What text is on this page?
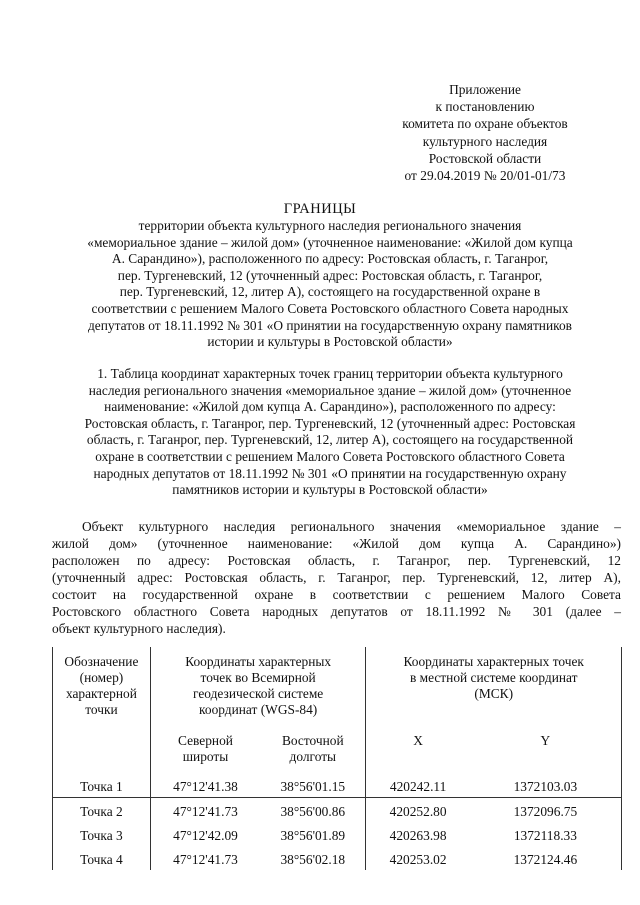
Приложение
к постановлению
комитета по охране объектов
культурного наследия
Ростовской области
от 29.04.2019 № 20/01-01/73
ГРАНИЦЫ
территории объекта культурного наследия регионального значения
«мемориальное здание – жилой дом» (уточненное наименование: «Жилой дом купца
А. Сарандино»), расположенного по адресу: Ростовская область, г. Таганрог,
пер. Тургеневский, 12 (уточненный адрес: Ростовская область, г. Таганрог,
пер. Тургеневский, 12, литер А), состоящего на государственной охране в
соответствии с решением Малого Совета Ростовского областного Совета народных
депутатов от 18.11.1992 № 301 «О принятии на государственную охрану памятников
истории и культуры в Ростовской области»
1. Таблица координат характерных точек границ территории объекта культурного
наследия регионального значения «мемориальное здание – жилой дом» (уточненное
наименование: «Жилой дом купца А. Сарандино»), расположенного по адресу:
Ростовская область, г. Таганрог, пер. Тургеневский, 12 (уточненный адрес: Ростовская
область, г. Таганрог, пер. Тургеневский, 12, литер А), состоящего на государственной
охране в соответствии с решением Малого Совета Ростовского областного Совета
народных депутатов от 18.11.1992 № 301 «О принятии на государственную охрану
памятников истории и культуры в Ростовской области»
Объект культурного наследия регионального значения «мемориальное здание –
жилой дом» (уточненное наименование: «Жилой дом купца А. Сарандино»)
расположен по адресу: Ростовская область, г. Таганрог, пер. Тургеневский, 12
(уточненный адрес: Ростовская область, г. Таганрог, пер. Тургеневский, 12, литер А),
состоит на государственной охране в соответствии с решением Малого Совета
Ростовского областного Совета народных депутатов от 18.11.1992 № 301 (далее –
объект культурного наследия).
Обозначение
(номер)
характерной
точки	Координаты характерных
точек во Всемирной
геодезической системе
координат (WGS-84)		Координаты характерных точек
в местной системе координат
(МСК)	

	Северной
широты	Восточной
долготы	X	Y
Точка 1	47°12'41.38	38°56'01.15	420242.11	1372103.03
Точка 2	47°12'41.73	38°56'00.86	420252.80	1372096.75
Точка 3	47°12'42.09	38°56'01.89	420263.98	1372118.33
Точка 4	47°12'41.73	38°56'02.18	420253.02	1372124.46
